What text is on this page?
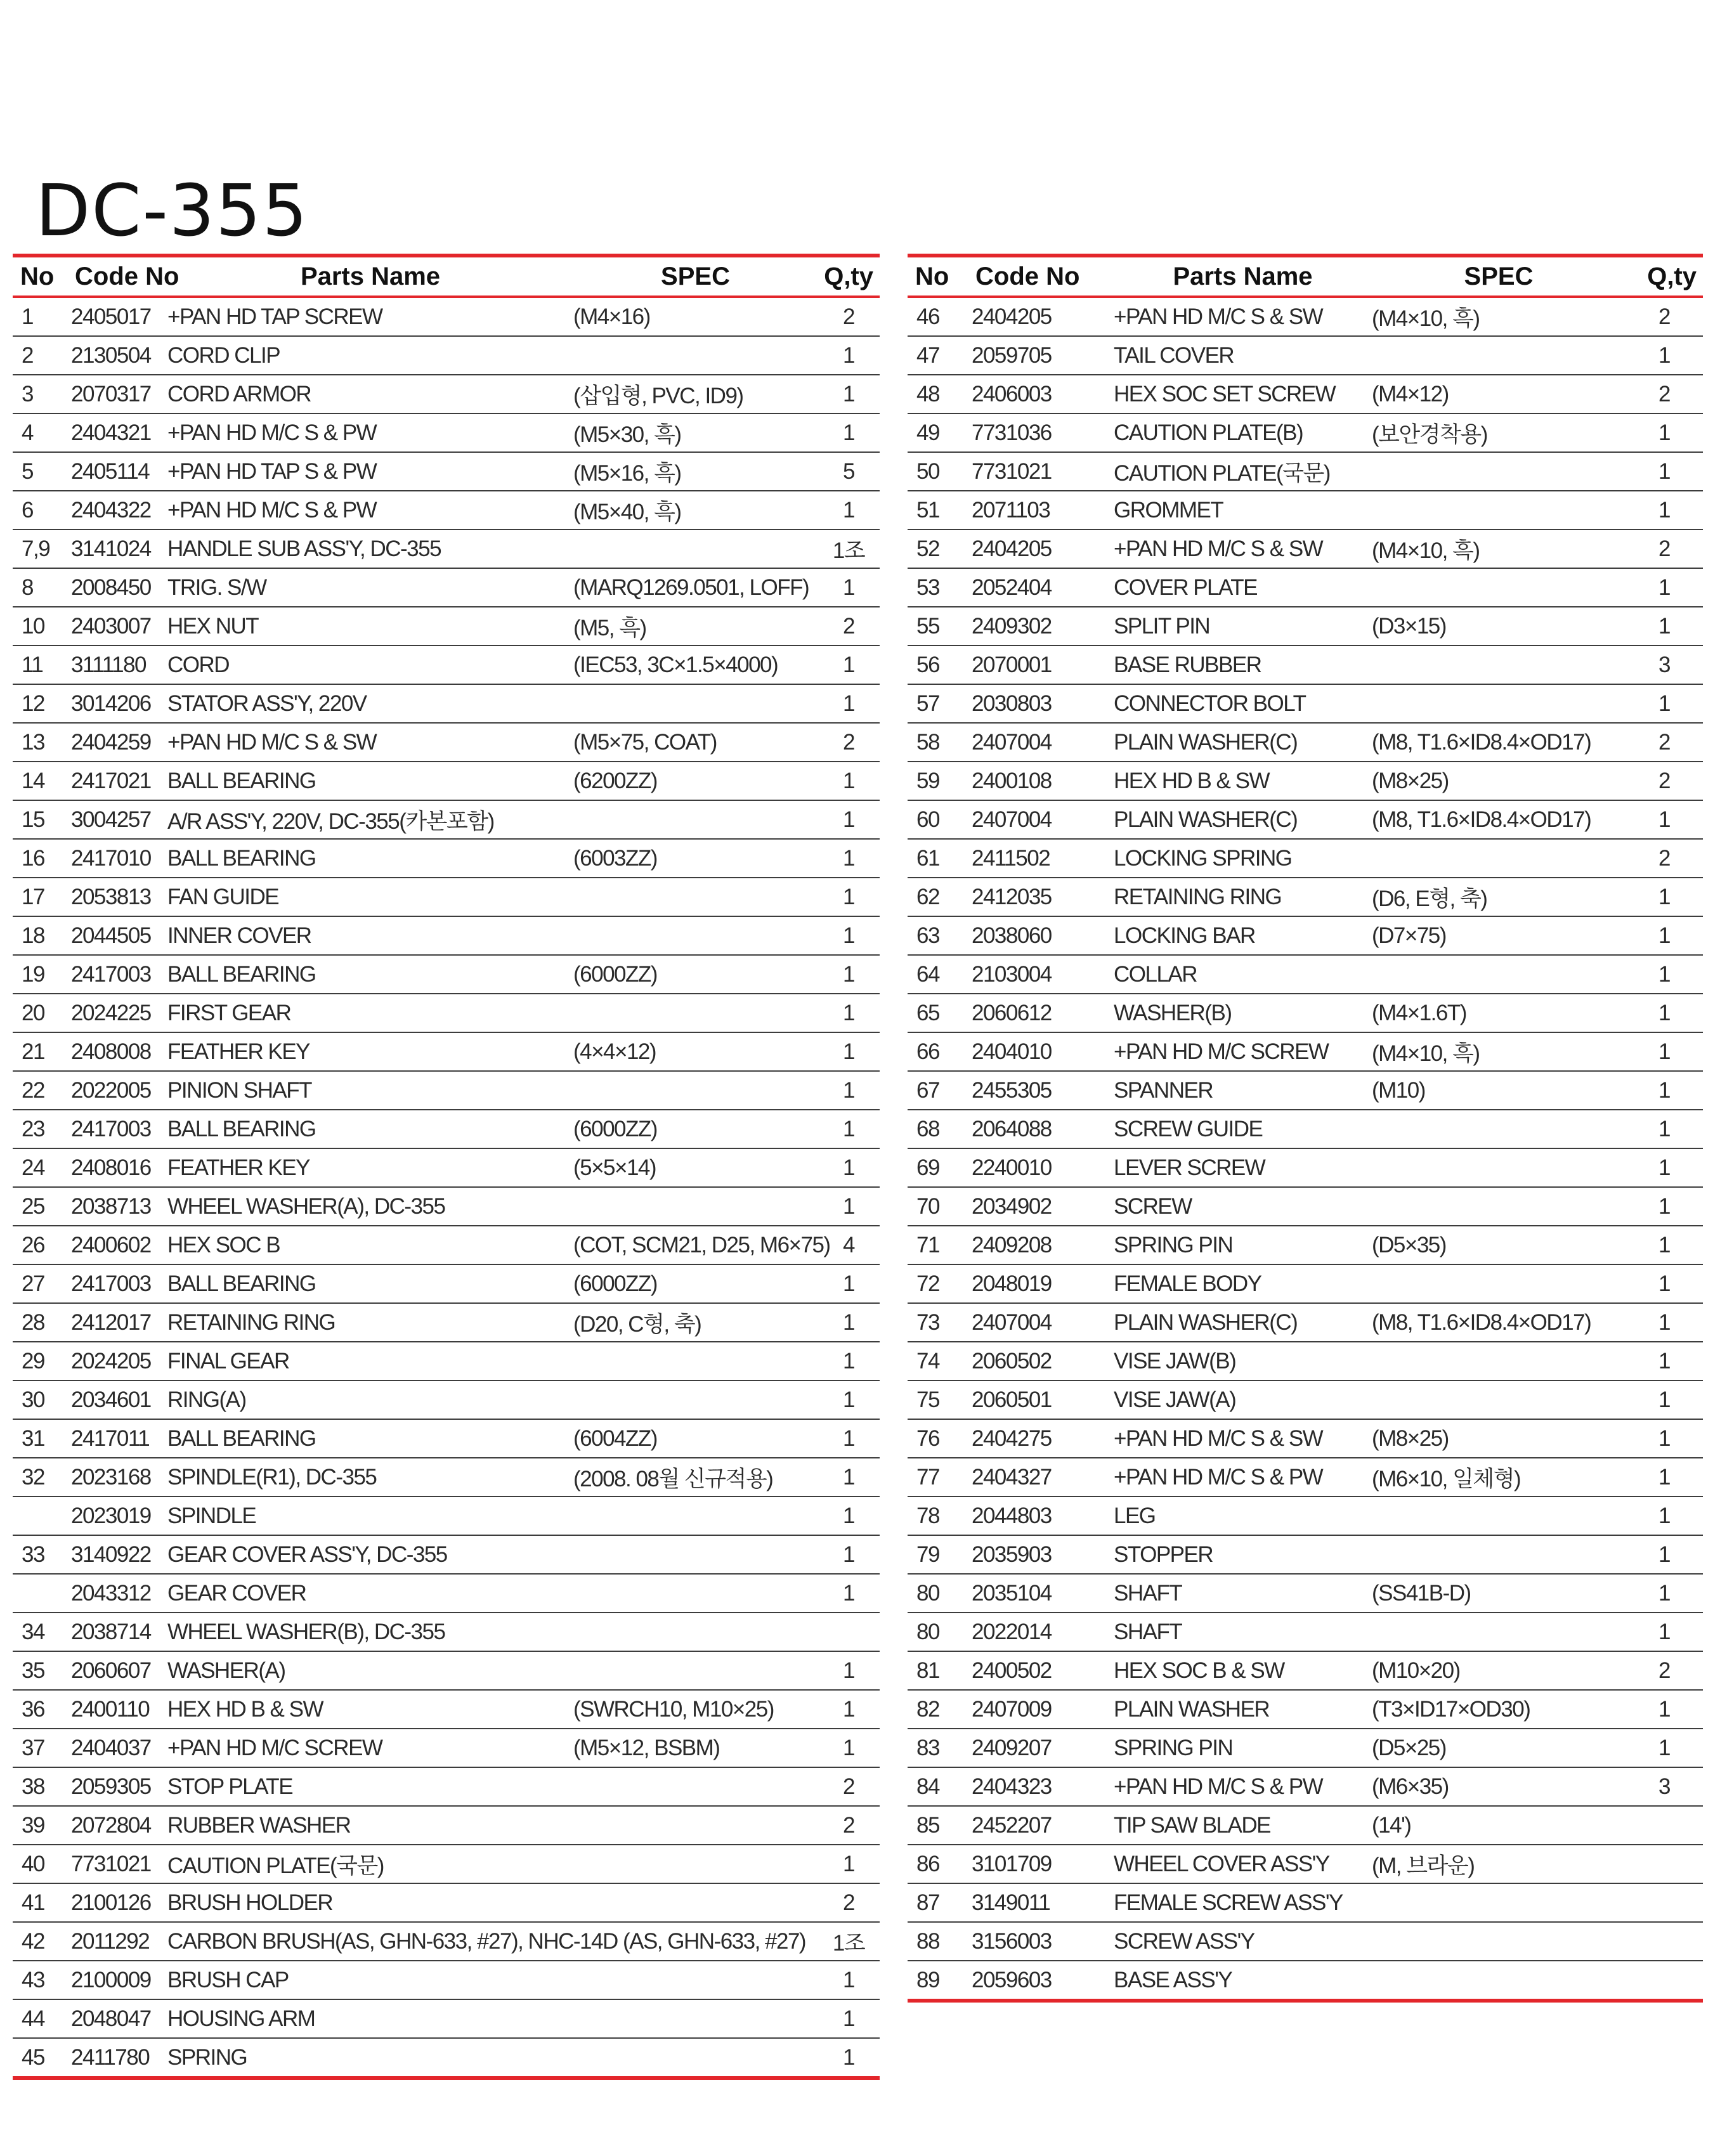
DC-355
No	Code No	Parts Name	SPEC	Q,ty
1	2405017	+PAN HD TAP SCREW	(M4×16)	2
2	2130504	CORD CLIP		1
3	2070317	CORD ARMOR	(삽입형, PVC, ID9)	1
4	2404321	+PAN HD M/C S & PW	(M5×30, 흑)	1
5	2405114	+PAN HD TAP S & PW	(M5×16, 흑)	5
6	2404322	+PAN HD M/C S & PW	(M5×40, 흑)	1
7,9	3141024	HANDLE SUB ASS'Y, DC-355		1조
8	2008450	TRIG. S/W	(MARQ1269.0501, LOFF)	1
10	2403007	HEX NUT	(M5, 흑)	2
11	3111180	CORD	(IEC53, 3C×1.5×4000)	1
12	3014206	STATOR ASS'Y, 220V		1
13	2404259	+PAN HD M/C S & SW	(M5×75, COAT)	2
14	2417021	BALL BEARING	(6200ZZ)	1
15	3004257	A/R ASS'Y, 220V, DC-355(카본포함)		1
16	2417010	BALL BEARING	(6003ZZ)	1
17	2053813	FAN GUIDE		1
18	2044505	INNER COVER		1
19	2417003	BALL BEARING	(6000ZZ)	1
20	2024225	FIRST GEAR		1
21	2408008	FEATHER KEY	(4×4×12)	1
22	2022005	PINION SHAFT		1
23	2417003	BALL BEARING	(6000ZZ)	1
24	2408016	FEATHER KEY	(5×5×14)	1
25	2038713	WHEEL WASHER(A), DC-355		1
26	2400602	HEX SOC B	(COT, SCM21, D25, M6×75)	4
27	2417003	BALL BEARING	(6000ZZ)	1
28	2412017	RETAINING RING	(D20, C형, 축)	1
29	2024205	FINAL GEAR		1
30	2034601	RING(A)		1
31	2417011	BALL BEARING	(6004ZZ)	1
32	2023168	SPINDLE(R1), DC-355	(2008. 08월 신규적용)	1
	2023019	SPINDLE		1
33	3140922	GEAR COVER ASS'Y, DC-355		1
	2043312	GEAR COVER		1
34	2038714	WHEEL WASHER(B), DC-355		
35	2060607	WASHER(A)		1
36	2400110	HEX HD B & SW	(SWRCH10, M10×25)	1
37	2404037	+PAN HD M/C SCREW	(M5×12, BSBM)	1
38	2059305	STOP PLATE		2
39	2072804	RUBBER WASHER		2
40	7731021	CAUTION PLATE(국문)		1
41	2100126	BRUSH HOLDER		2
42	2011292	CARBON BRUSH(AS, GHN-633, #27), NHC-14D (AS, GHN-633, #27)		1조
43	2100009	BRUSH CAP		1
44	2048047	HOUSING ARM		1
45	2411780	SPRING		1
No	Code No	Parts Name	SPEC	Q,ty
46	2404205	+PAN HD M/C S & SW	(M4×10, 흑)	2
47	2059705	TAIL COVER		1
48	2406003	HEX SOC SET SCREW	(M4×12)	2
49	7731036	CAUTION PLATE(B)	(보안경착용)	1
50	7731021	CAUTION PLATE(국문)		1
51	2071103	GROMMET		1
52	2404205	+PAN HD M/C S & SW	(M4×10, 흑)	2
53	2052404	COVER PLATE		1
55	2409302	SPLIT PIN	(D3×15)	1
56	2070001	BASE RUBBER		3
57	2030803	CONNECTOR BOLT		1
58	2407004	PLAIN WASHER(C)	(M8, T1.6×ID8.4×OD17)	2
59	2400108	HEX HD B & SW	(M8×25)	2
60	2407004	PLAIN WASHER(C)	(M8, T1.6×ID8.4×OD17)	1
61	2411502	LOCKING SPRING		2
62	2412035	RETAINING RING	(D6, E형, 축)	1
63	2038060	LOCKING BAR	(D7×75)	1
64	2103004	COLLAR		1
65	2060612	WASHER(B)	(M4×1.6T)	1
66	2404010	+PAN HD M/C SCREW	(M4×10, 흑)	1
67	2455305	SPANNER	(M10)	1
68	2064088	SCREW GUIDE		1
69	2240010	LEVER SCREW		1
70	2034902	SCREW		1
71	2409208	SPRING PIN	(D5×35)	1
72	2048019	FEMALE BODY		1
73	2407004	PLAIN WASHER(C)	(M8, T1.6×ID8.4×OD17)	1
74	2060502	VISE JAW(B)		1
75	2060501	VISE JAW(A)		1
76	2404275	+PAN HD M/C S & SW	(M8×25)	1
77	2404327	+PAN HD M/C S & PW	(M6×10, 일체형)	1
78	2044803	LEG		1
79	2035903	STOPPER		1
80	2035104	SHAFT	(SS41B-D)	1
80	2022014	SHAFT		1
81	2400502	HEX SOC B & SW	(M10×20)	2
82	2407009	PLAIN WASHER	(T3×ID17×OD30)	1
83	2409207	SPRING PIN	(D5×25)	1
84	2404323	+PAN HD M/C S & PW	(M6×35)	3
85	2452207	TIP SAW BLADE	(14')	
86	3101709	WHEEL COVER ASS'Y	(M, 브라운)	
87	3149011	FEMALE SCREW ASS'Y		
88	3156003	SCREW ASS'Y		
89	2059603	BASE ASS'Y		
